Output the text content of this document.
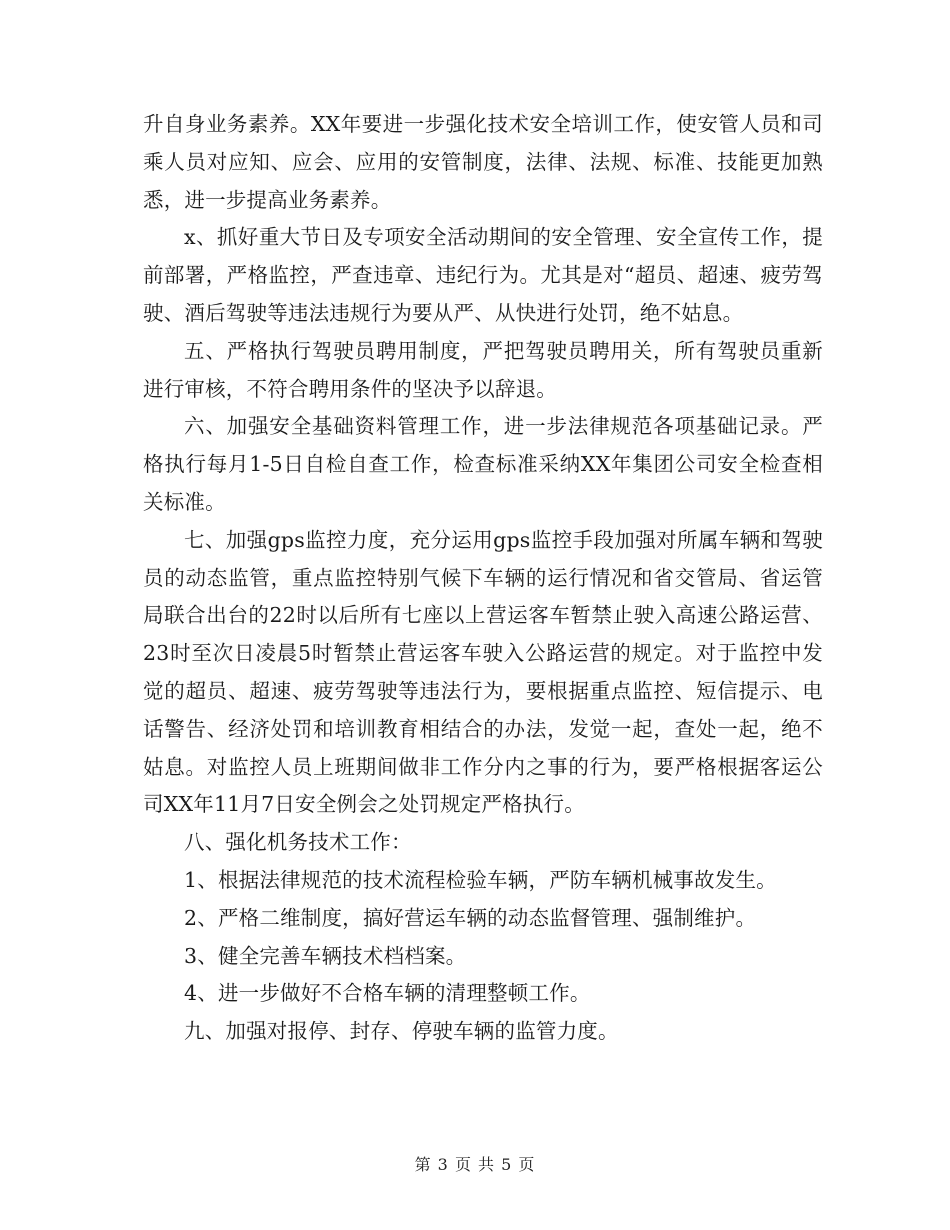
升自身业务素养。XX年要进一步强化技术安全培训工作，使安管人员和司乘人员对应知、应会、应用的安管制度，法律、法规、标准、技能更加熟悉，进一步提高业务素养。

x、抓好重大节日及专项安全活动期间的安全管理、安全宣传工作，提前部署，严格监控，严查违章、违纪行为。尤其是对“超员、超速、疲劳驾驶、酒后驾驶等违法违规行为要从严、从快进行处罚，绝不姑息。

五、严格执行驾驶员聘用制度，严把驾驶员聘用关，所有驾驶员重新进行审核，不符合聘用条件的坚决予以辞退。

六、加强安全基础资料管理工作，进一步法律规范各项基础记录。严格执行每月1-5日自检自查工作，检查标准采纳XX年集团公司安全检查相关标准。

七、加强gps监控力度，充分运用gps监控手段加强对所属车辆和驾驶员的动态监管，重点监控特别气候下车辆的运行情况和省交管局、省运管局联合出台的22时以后所有七座以上营运客车暂禁止驶入高速公路运营、23时至次日凌晨5时暂禁止营运客车驶入公路运营的规定。对于监控中发觉的超员、超速、疲劳驾驶等违法行为，要根据重点监控、短信提示、电话警告、经济处罚和培训教育相结合的办法，发觉一起，查处一起，绝不姑息。对监控人员上班期间做非工作分内之事的行为，要严格根据客运公司XX年11月7日安全例会之处罚规定严格执行。

八、强化机务技术工作：

1、根据法律规范的技术流程检验车辆，严防车辆机械事故发生。

2、严格二维制度，搞好营运车辆的动态监督管理、强制维护。

3、健全完善车辆技术档档案。

4、进一步做好不合格车辆的清理整顿工作。

九、加强对报停、封存、停驶车辆的监管力度。

第 3 页 共 5 页
